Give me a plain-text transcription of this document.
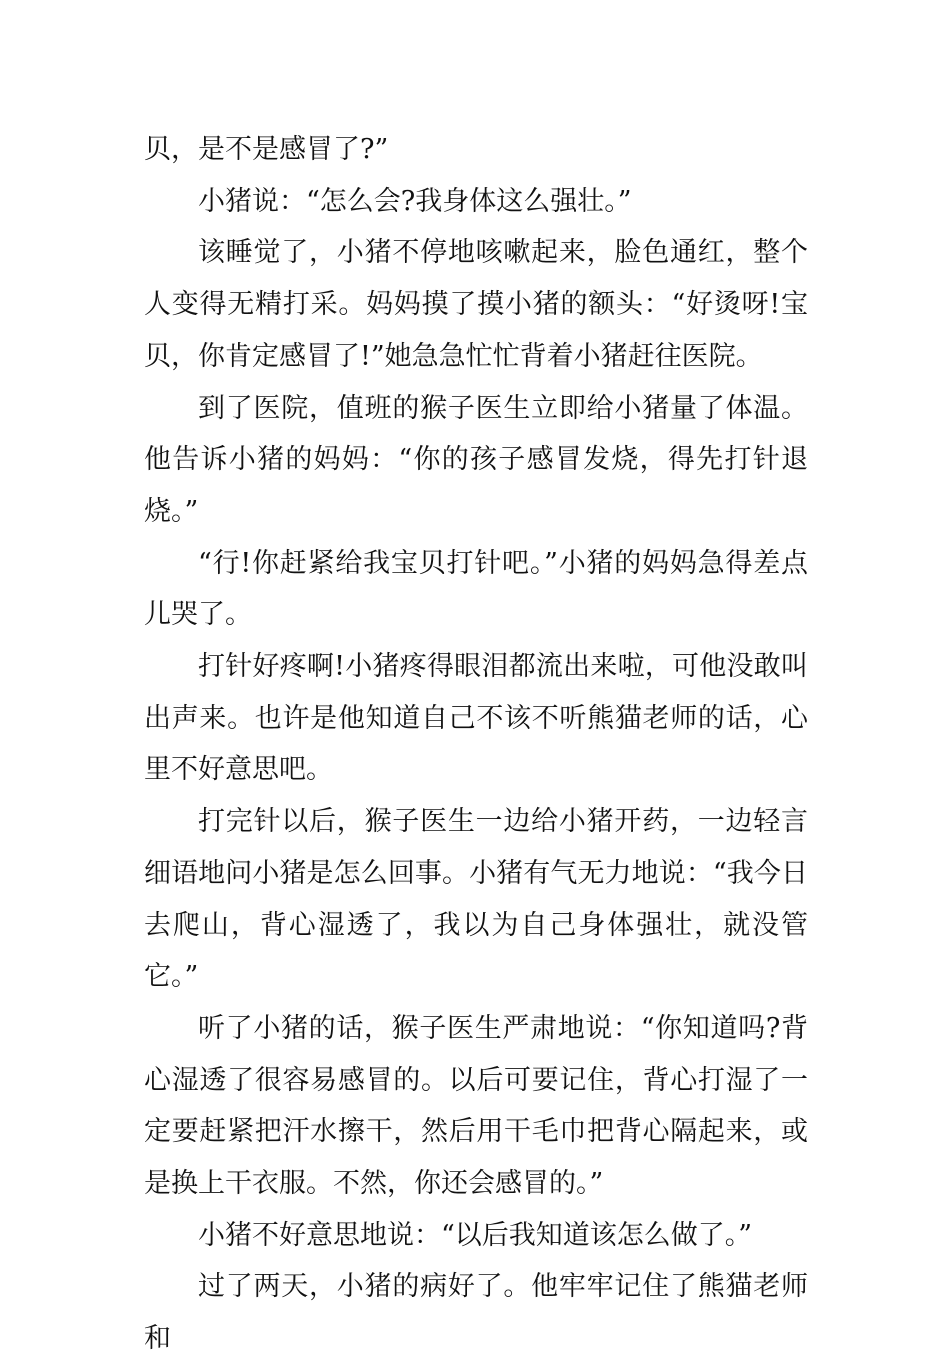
贝，是不是感冒了?”

小猪说：“怎么会?我身体这么强壮。”

该睡觉了，小猪不停地咳嗽起来，脸色通红，整个人变得无精打采。妈妈摸了摸小猪的额头：“好烫呀!宝贝，你肯定感冒了!”她急急忙忙背着小猪赶往医院。

到了医院，值班的猴子医生立即给小猪量了体温。他告诉小猪的妈妈：“你的孩子感冒发烧，得先打针退烧。”

“行!你赶紧给我宝贝打针吧。”小猪的妈妈急得差点儿哭了。

打针好疼啊!小猪疼得眼泪都流出来啦，可他没敢叫出声来。也许是他知道自己不该不听熊猫老师的话，心里不好意思吧。

打完针以后，猴子医生一边给小猪开药，一边轻言细语地问小猪是怎么回事。小猪有气无力地说：“我今日去爬山，背心湿透了，我以为自己身体强壮，就没管它。”

听了小猪的话，猴子医生严肃地说：“你知道吗?背心湿透了很容易感冒的。以后可要记住，背心打湿了一定要赶紧把汗水擦干，然后用干毛巾把背心隔起来，或是换上干衣服。不然，你还会感冒的。”

小猪不好意思地说：“以后我知道该怎么做了。”

过了两天，小猪的病好了。他牢牢记住了熊猫老师和
